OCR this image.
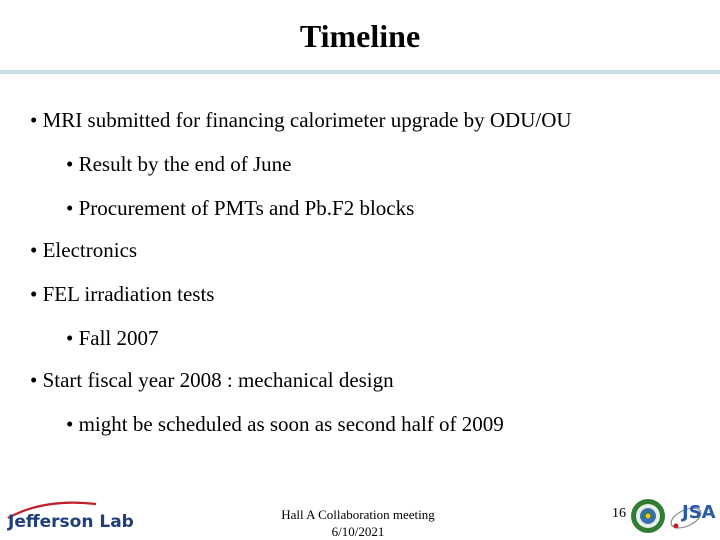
Timeline
• MRI submitted for financing calorimeter upgrade by ODU/OU
• Result by the end of June
• Procurement of PMTs and Pb.F2 blocks
• Electronics
• FEL irradiation tests
• Fall 2007
• Start fiscal year 2008 : mechanical design
• might be scheduled as soon as second half of 2009
Jefferson Lab	Hall A Collaboration meeting
6/10/2021
16	JSA
